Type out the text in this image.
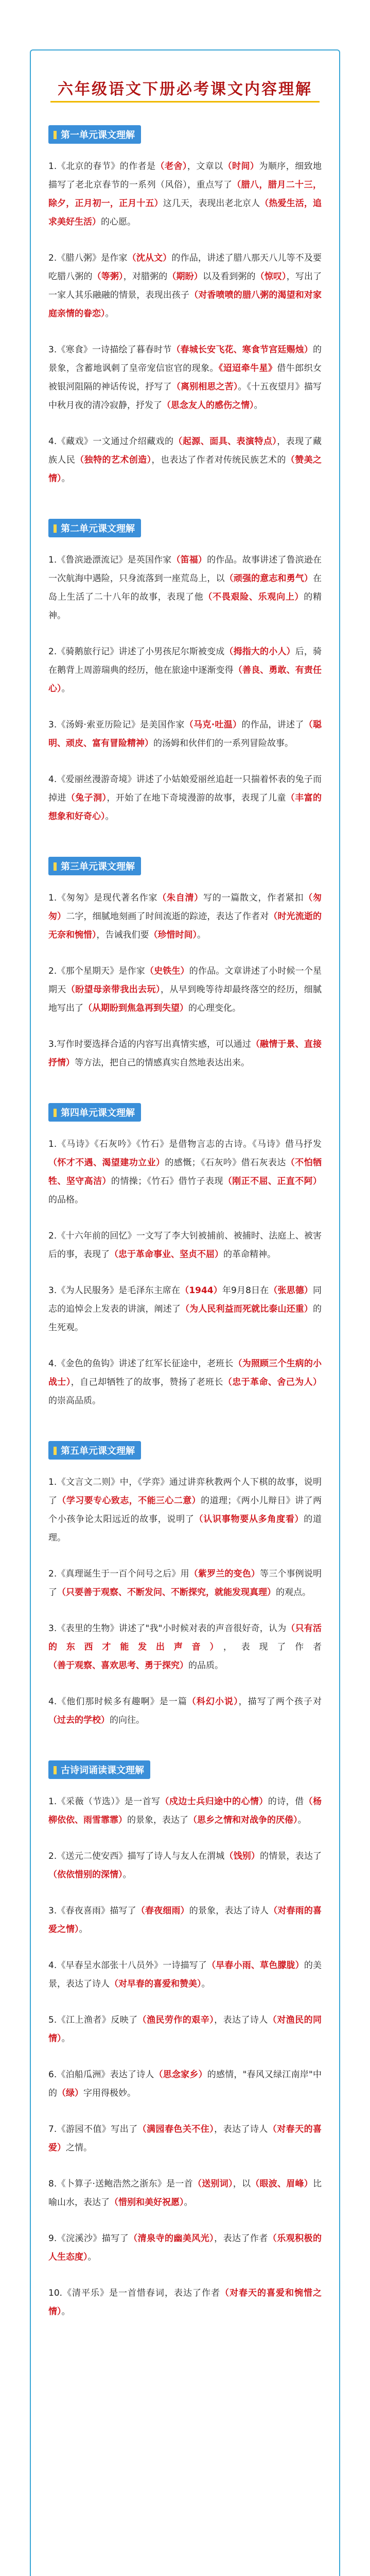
六年级语文下册必考课文内容理解
第一单元课文理解

1.《北京的春节》的作者是（老舍），文章以（时间）为顺序，细致地描写了老北京春节的一系列（风俗），重点写了（腊八，腊月二十三，除夕，正月初一，正月十五）这几天，表现出老北京人（热爱生活，追求美好生活）的心愿。

2.《腊八粥》是作家（沈从文）的作品，讲述了腊八那天八儿等不及要吃腊八粥的（等粥），对腊粥的（期盼）以及看到粥的（惊叹），写出了一家人其乐融融的情景，表现出孩子（对香喷喷的腊八粥的渴望和对家庭亲情的眷恋）。

3.《寒食》一诗描绘了暮春时节（春城长安飞花、寒食节宫廷赐烛）的景象，含蓄地讽刺了皇帝宠信宦官的现象。《迢迢牵牛星》借牛郎织女被银河阻隔的神话传说，抒写了（离别相思之苦）。《十五夜望月》描写中秋月夜的清冷寂静，抒发了（思念友人的感伤之情）。

4.《藏戏》一文通过介绍藏戏的（起源、面具、表演特点），表现了藏族人民（独特的艺术创造），也表达了作者对传统民族艺术的（赞美之情）。

第二单元课文理解

1.《鲁滨逊漂流记》是英国作家（笛福）的作品。故事讲述了鲁滨逊在一次航海中遇险，只身流落到一座荒岛上，以（顽强的意志和勇气）在岛上生活了二十八年的故事，表现了他（不畏艰险、乐观向上）的精神。

2.《骑鹅旅行记》讲述了小男孩尼尔斯被变成（拇指大的小人）后，骑在鹅背上周游瑞典的经历，他在旅途中逐渐变得（善良、勇敢、有责任心）。

3.《汤姆·索亚历险记》是美国作家（马克·吐温）的作品，讲述了（聪明、顽皮、富有冒险精神）的汤姆和伙伴们的一系列冒险故事。

4.《爱丽丝漫游奇境》讲述了小姑娘爱丽丝追赶一只揣着怀表的兔子而掉进（兔子洞），开始了在地下奇境漫游的故事，表现了儿童（丰富的想象和好奇心）。

第三单元课文理解

1.《匆匆》是现代著名作家（朱自清）写的一篇散文，作者紧扣（匆匆）二字，细腻地刻画了时间流逝的踪迹，表达了作者对（时光流逝的无奈和惋惜），告诫我们要（珍惜时间）。

2.《那个星期天》是作家（史铁生）的作品。文章讲述了小时候一个星期天（盼望母亲带我出去玩），从早到晚等待却最终落空的经历，细腻地写出了（从期盼到焦急再到失望）的心理变化。

3.写作时要选择合适的内容写出真情实感，可以通过（融情于景、直接抒情）等方法，把自己的情感真实自然地表达出来。

第四单元课文理解

1.《马诗》《石灰吟》《竹石》是借物言志的古诗。《马诗》借马抒发（怀才不遇、渴望建功立业）的感慨；《石灰吟》借石灰表达（不怕牺牲、坚守高洁）的情操；《竹石》借竹子表现（刚正不屈、正直不阿）的品格。

2.《十六年前的回忆》一文写了李大钊被捕前、被捕时、法庭上、被害后的事，表现了（忠于革命事业、坚贞不屈）的革命精神。

3.《为人民服务》是毛泽东主席在（1944）年9月8日在（张思德）同志的追悼会上发表的讲演，阐述了（为人民利益而死就比泰山还重）的生死观。

4.《金色的鱼钩》讲述了红军长征途中，老班长（为照顾三个生病的小战士），自己却牺牲了的故事，赞扬了老班长（忠于革命、舍己为人）的崇高品质。

第五单元课文理解

1.《文言文二则》中，《学弈》通过讲弈秋教两个人下棋的故事，说明了（学习要专心致志，不能三心二意）的道理；《两小儿辩日》讲了两个小孩争论太阳远近的故事，说明了（认识事物要从多角度看）的道理。

2.《真理诞生于一百个问号之后》用（紫罗兰的变色）等三个事例说明了（只要善于观察、不断发问、不断探究，就能发现真理）的观点。

3.《表里的生物》讲述了"我"小时候对表的声音很好奇，认为（只有活的东西才能发出声音），表现了作者（善于观察、喜欢思考、勇于探究）的品质。

4.《他们那时候多有趣啊》是一篇（科幻小说），描写了两个孩子对（过去的学校）的向往。

古诗词诵读课文理解

1.《采薇（节选）》是一首写（戍边士兵归途中的心情）的诗，借（杨柳依依、雨雪霏霏）的景象，表达了（思乡之情和对战争的厌倦）。

2.《送元二使安西》描写了诗人与友人在渭城（饯别）的情景，表达了（依依惜别的深情）。

3.《春夜喜雨》描写了（春夜细雨）的景象，表达了诗人（对春雨的喜爱之情）。

4.《早春呈水部张十八员外》一诗描写了（早春小雨、草色朦胧）的美景，表达了诗人（对早春的喜爱和赞美）。

5.《江上渔者》反映了（渔民劳作的艰辛），表达了诗人（对渔民的同情）。

6.《泊船瓜洲》表达了诗人（思念家乡）的感情，"春风又绿江南岸"中的（绿）字用得极妙。

7.《游园不值》写出了（满园春色关不住），表达了诗人（对春天的喜爱）之情。

8.《卜算子·送鲍浩然之浙东》是一首（送别词），以（眼波、眉峰）比喻山水，表达了（惜别和美好祝愿）。

9.《浣溪沙》描写了（清泉寺的幽美风光），表达了作者（乐观积极的人生态度）。

10.《清平乐》是一首惜春词，表达了作者（对春天的喜爱和惋惜之情）。
